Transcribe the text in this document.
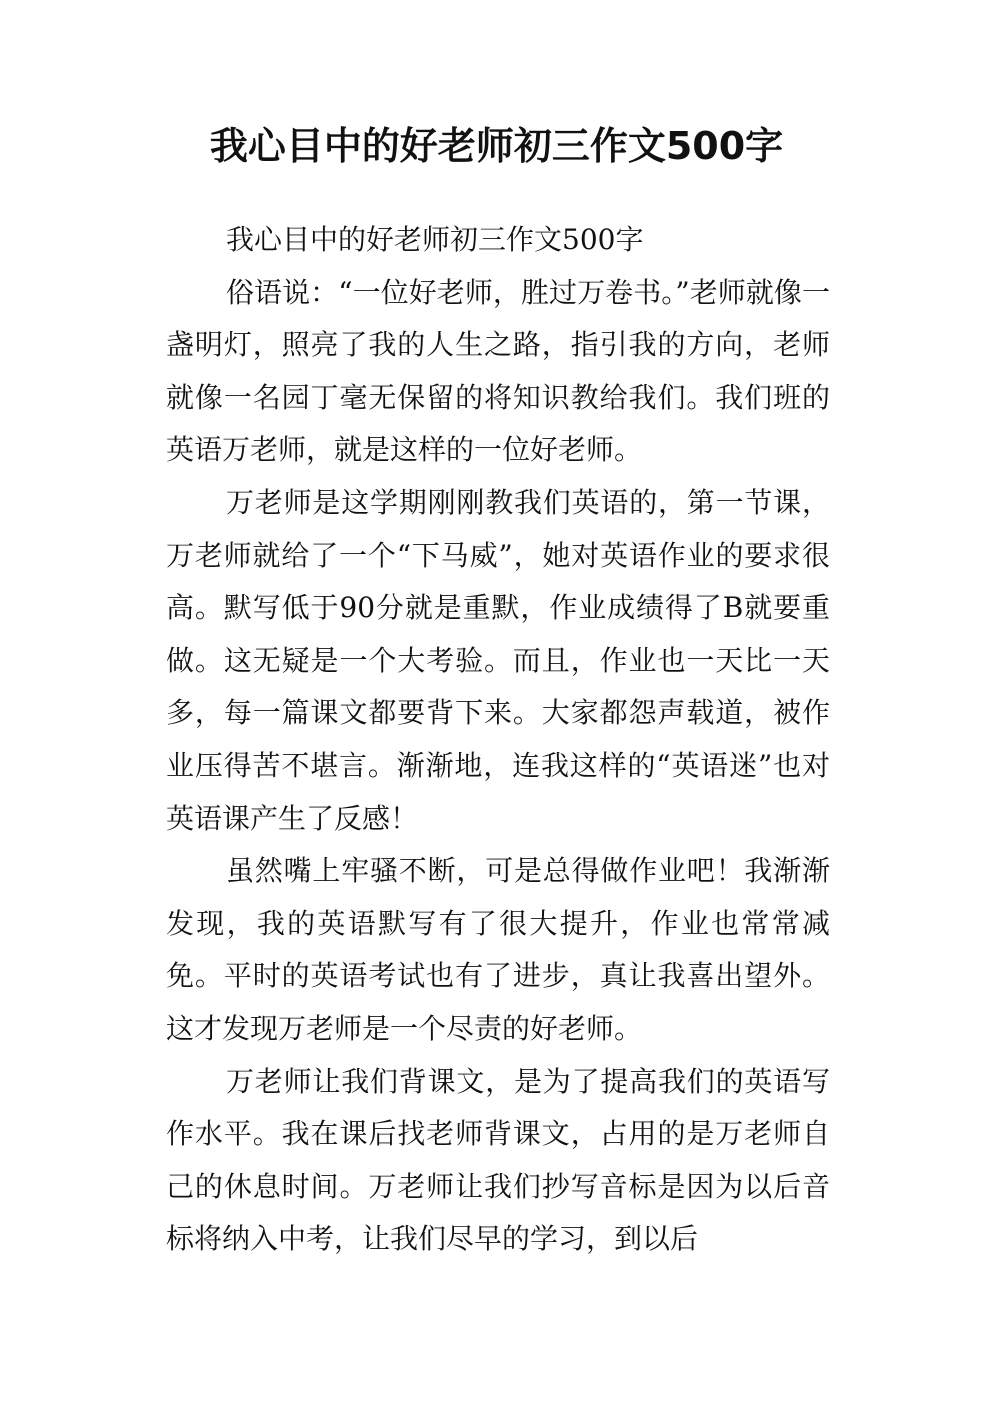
我心目中的好老师初三作文500字

我心目中的好老师初三作文500字

俗语说：“一位好老师，胜过万卷书。”老师就像一盏明灯，照亮了我的人生之路，指引我的方向，老师就像一名园丁毫无保留的将知识教给我们。我们班的英语万老师，就是这样的一位好老师。

万老师是这学期刚刚教我们英语的，第一节课，万老师就给了一个“下马威”，她对英语作业的要求很高。默写低于90分就是重默，作业成绩得了B就要重做。这无疑是一个大考验。而且，作业也一天比一天多，每一篇课文都要背下来。大家都怨声载道，被作业压得苦不堪言。渐渐地，连我这样的“英语迷”也对英语课产生了反感！

虽然嘴上牢骚不断，可是总得做作业吧！我渐渐发现，我的英语默写有了很大提升，作业也常常减免。平时的英语考试也有了进步，真让我喜出望外。这才发现万老师是一个尽责的好老师。

万老师让我们背课文，是为了提高我们的英语写作水平。我在课后找老师背课文，占用的是万老师自己的休息时间。万老师让我们抄写音标是因为以后音标将纳入中考，让我们尽早的学习，到以后
